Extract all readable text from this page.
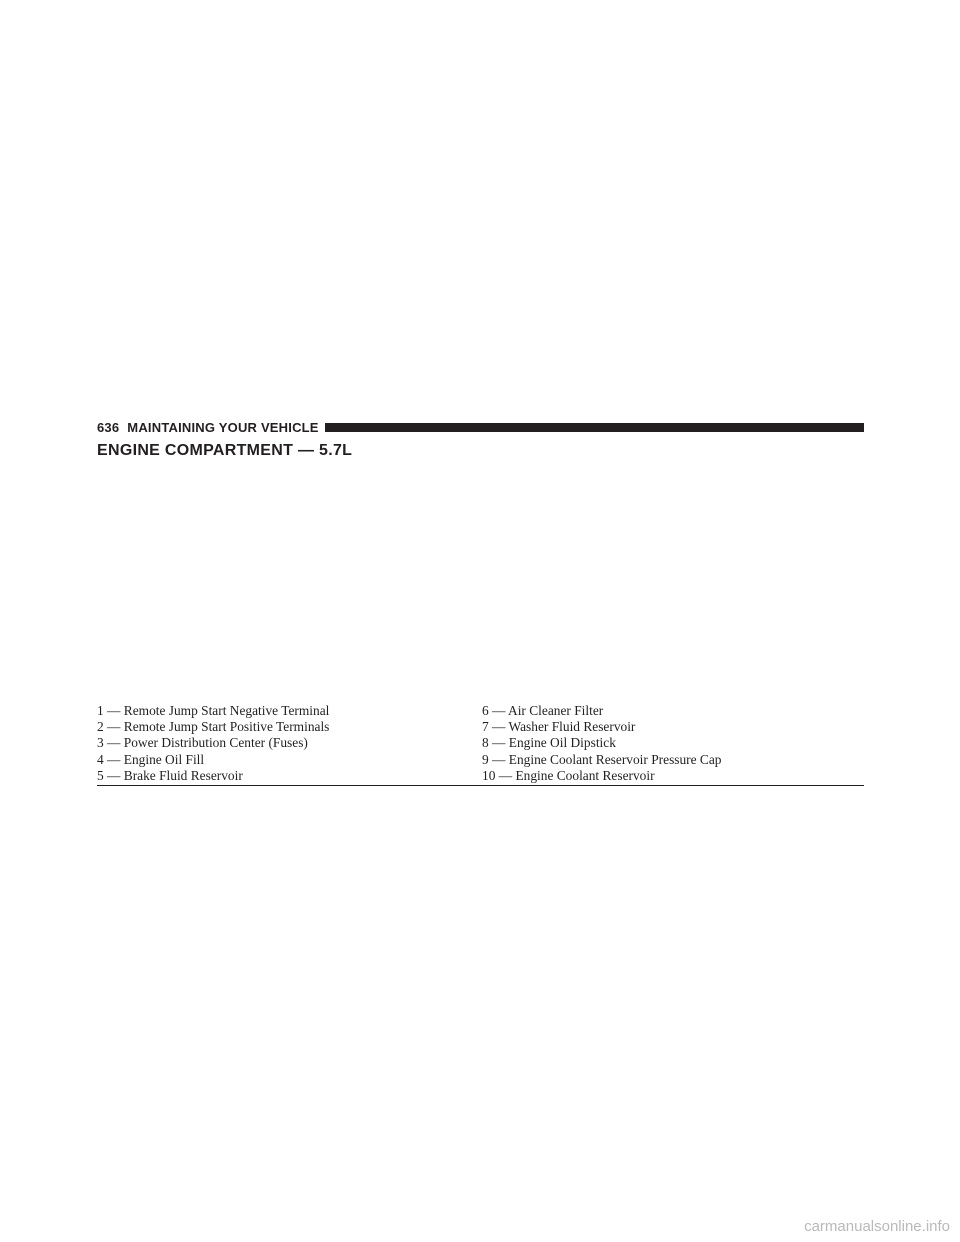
636 MAINTAINING YOUR VEHICLE
ENGINE COMPARTMENT — 5.7L
1 — Remote Jump Start Negative Terminal
2 — Remote Jump Start Positive Terminals
3 — Power Distribution Center (Fuses)
4 — Engine Oil Fill
5 — Brake Fluid Reservoir
6 — Air Cleaner Filter
7 — Washer Fluid Reservoir
8 — Engine Oil Dipstick
9 — Engine Coolant Reservoir Pressure Cap
10 — Engine Coolant Reservoir
carmanualsonline.info
